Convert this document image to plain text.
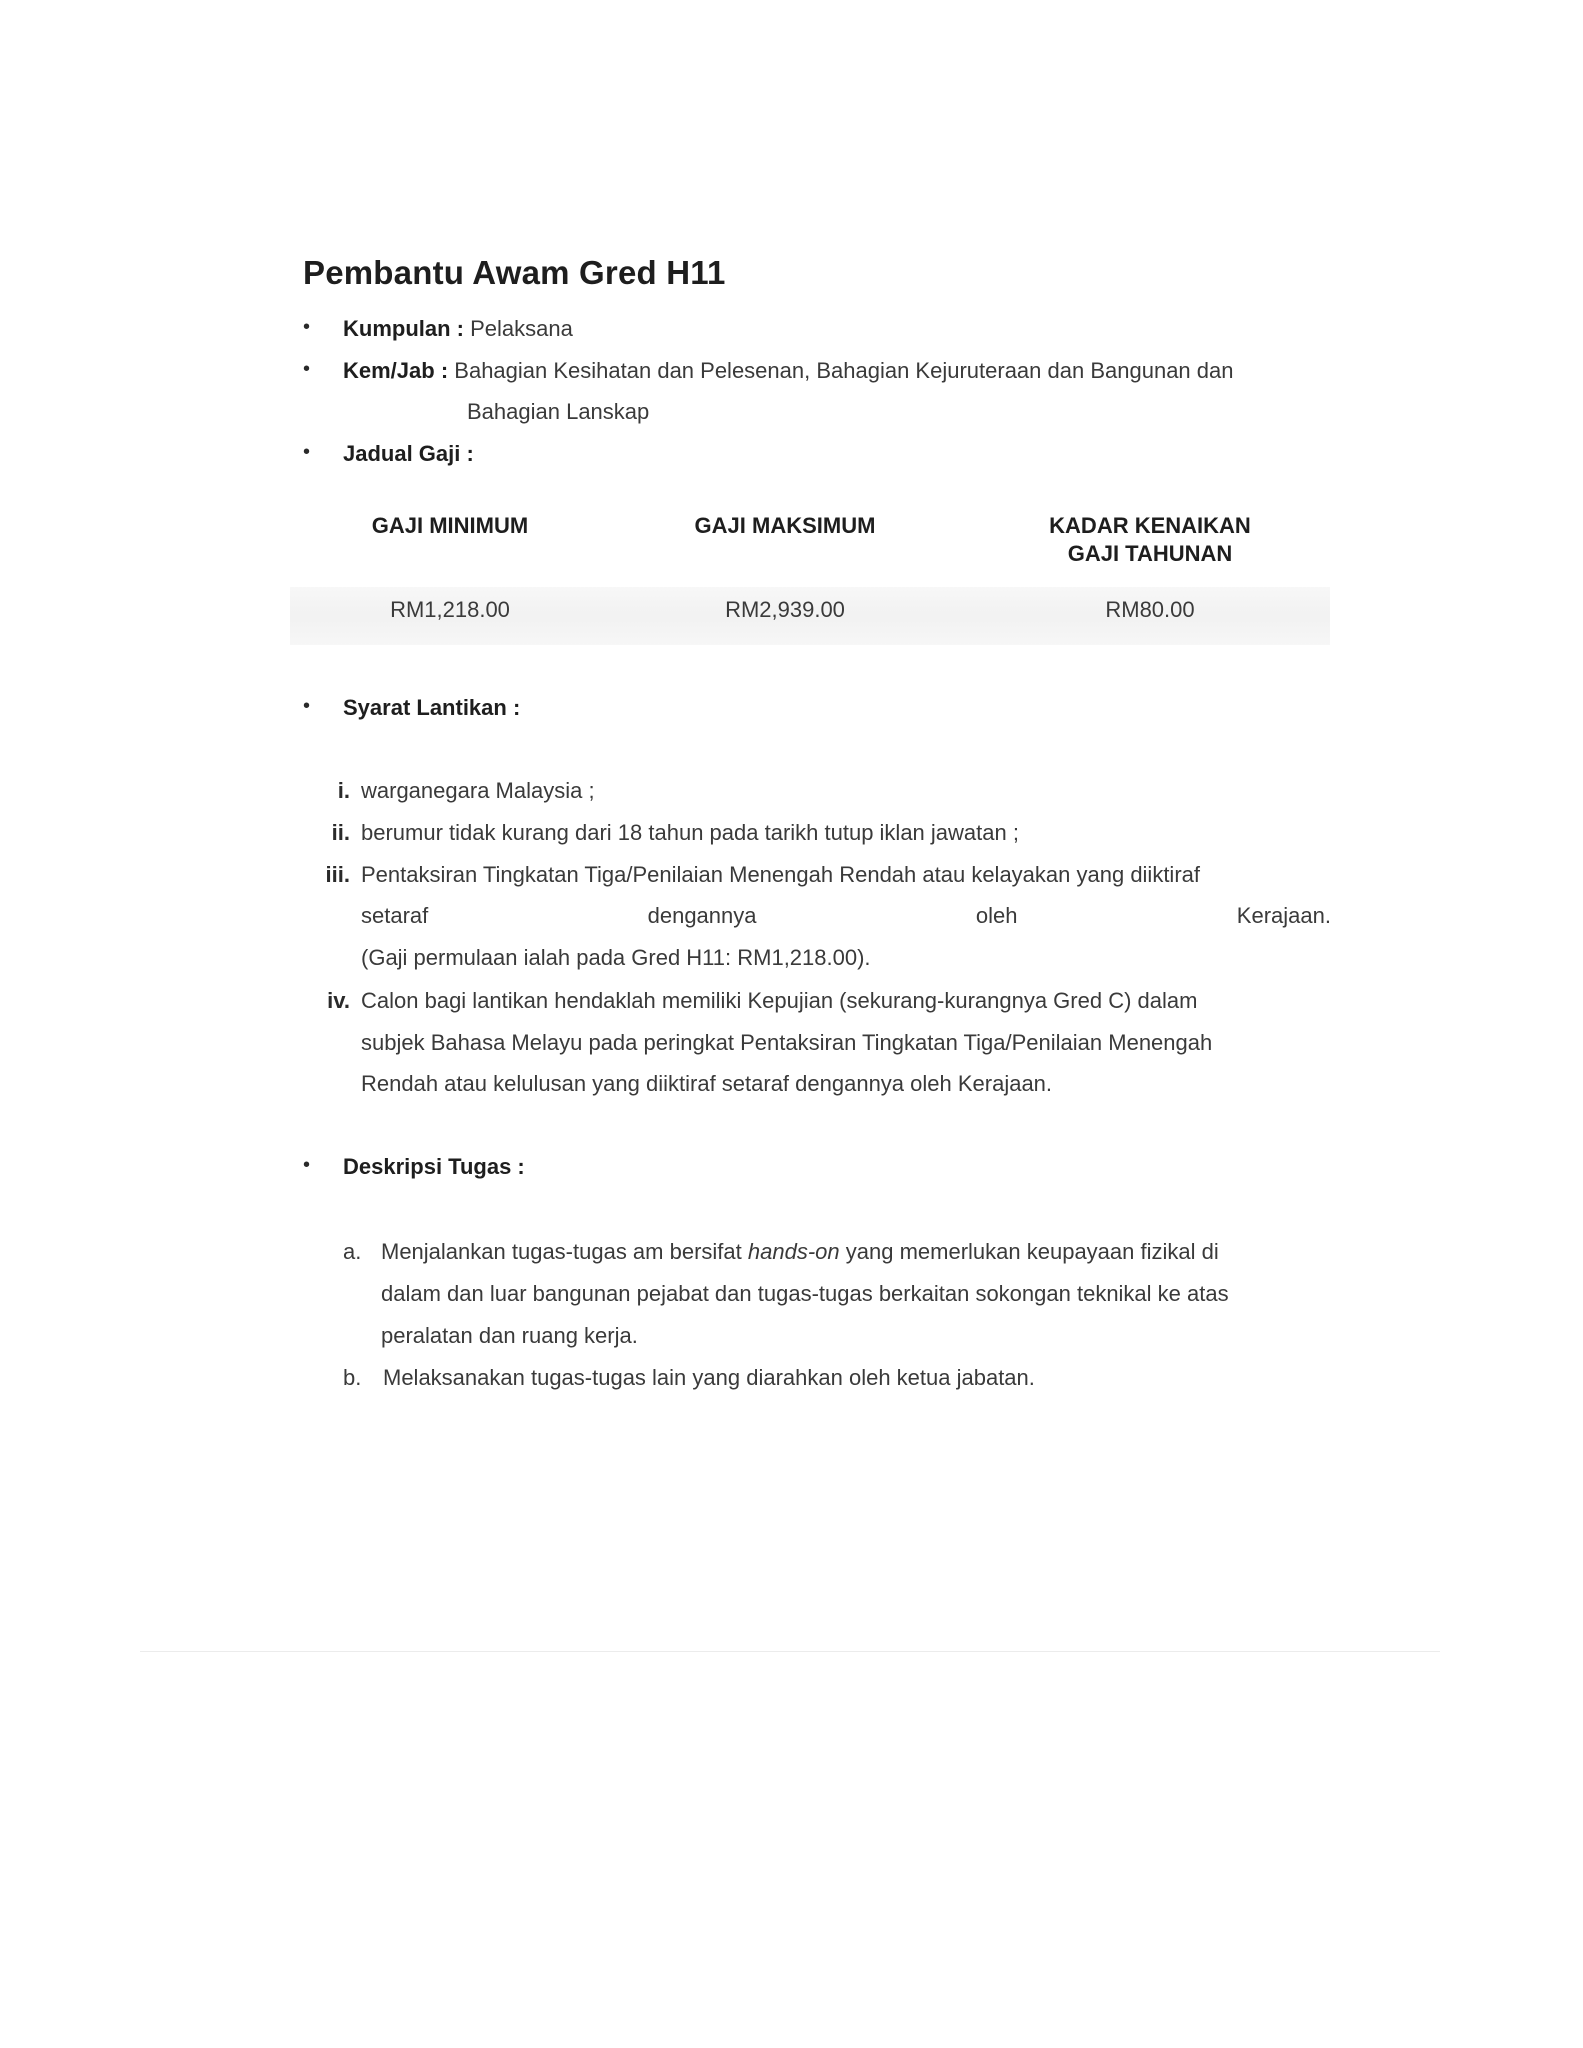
Pembantu Awam Gred H11
•	Kumpulan : Pelaksana
•	Kem/Jab : Bahagian Kesihatan dan Pelesenan, Bahagian Kejuruteraan dan Bangunan dan
Bahagian Lanskap
•	Jadual Gaji :
GAJI MINIMUM	GAJI MAKSIMUM	KADAR KENAIKAN
GAJI TAHUNAN
RM1,218.00	RM2,939.00	RM80.00
•	Syarat Lantikan :
i. warganegara Malaysia ;
ii. berumur tidak kurang dari 18 tahun pada tarikh tutup iklan jawatan ;
iii. Pentaksiran Tingkatan Tiga/Penilaian Menengah Rendah atau kelayakan yang diiktiraf
setaraf	dengannya	oleh	Kerajaan.
(Gaji permulaan ialah pada Gred H11: RM1,218.00).
iv. Calon bagi lantikan hendaklah memiliki Kepujian (sekurang-kurangnya Gred C) dalam
subjek Bahasa Melayu pada peringkat Pentaksiran Tingkatan Tiga/Penilaian Menengah
Rendah atau kelulusan yang diiktiraf setaraf dengannya oleh Kerajaan.
•	Deskripsi Tugas :
a. Menjalankan tugas-tugas am bersifat hands-on yang memerlukan keupayaan fizikal di
dalam dan luar bangunan pejabat dan tugas-tugas berkaitan sokongan teknikal ke atas
peralatan dan ruang kerja.
b. Melaksanakan tugas-tugas lain yang diarahkan oleh ketua jabatan.
